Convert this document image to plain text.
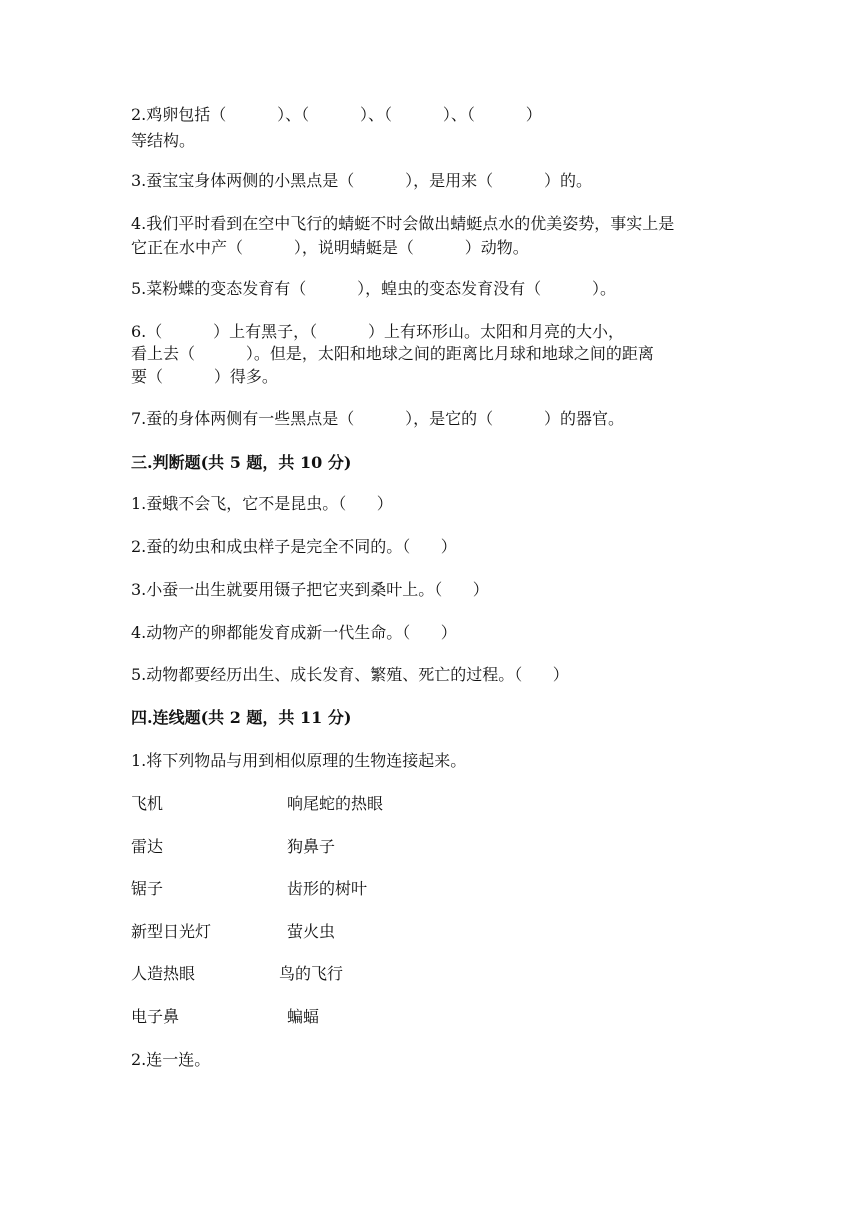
2.鸡卵包括（          ）、（          ）、（          ）、（          ）
等结构。
3.蚕宝宝身体两侧的小黑点是（          ），是用来（          ）的。
4.我们平时看到在空中飞行的蜻蜓不时会做出蜻蜓点水的优美姿势，事实上是
它正在水中产（          ），说明蜻蜓是（          ）动物。
5.菜粉蝶的变态发育有（          ），蝗虫的变态发育没有（          ）。
6.（          ）上有黑子，（          ）上有环形山。太阳和月亮的大小，
看上去（          ）。但是，太阳和地球之间的距离比月球和地球之间的距离
要（          ）得多。
7.蚕的身体两侧有一些黑点是（          ），是它的（          ）的器官。
三.判断题(共 5 题，共 10 分)
1.蚕蛾不会飞，它不是昆虫。（      ）
2.蚕的幼虫和成虫样子是完全不同的。（      ）
3.小蚕一出生就要用镊子把它夹到桑叶上。（      ）
4.动物产的卵都能发育成新一代生命。（      ）
5.动物都要经历出生、成长发育、繁殖、死亡的过程。（      ）
四.连线题(共 2 题，共 11 分)
1.将下列物品与用到相似原理的生物连接起来。
飞机	响尾蛇的热眼
雷达	狗鼻子
锯子	齿形的树叶
新型日光灯	萤火虫
人造热眼	鸟的飞行
电子鼻	蝙蝠
2.连一连。
